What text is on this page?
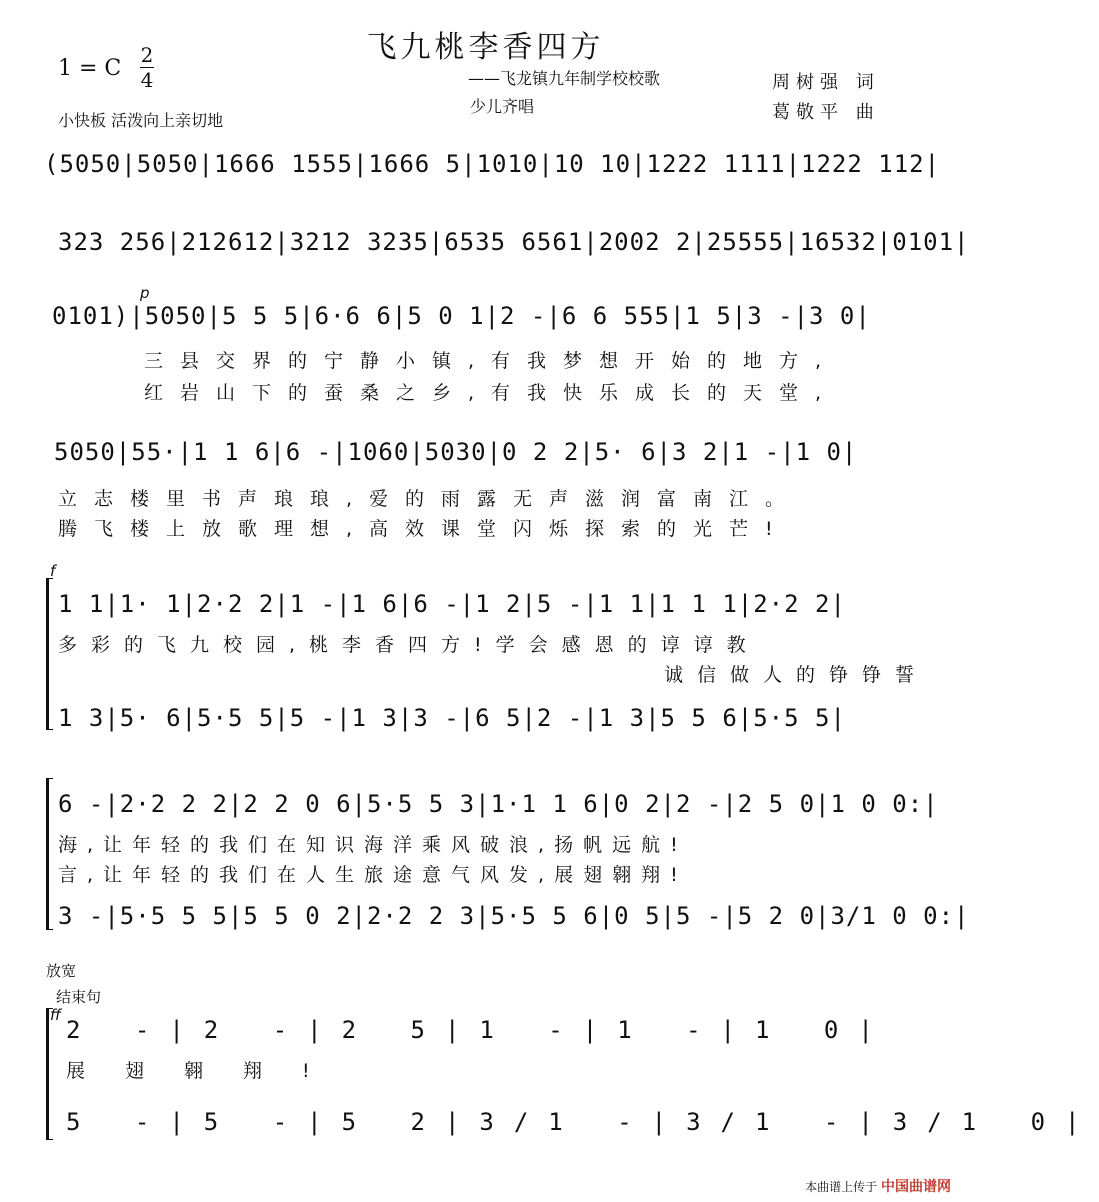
飞九桃李香四方
——飞龙镇九年制学校校歌
1 = C
2
4
小快板 活泼向上亲切地
少儿齐唱
周树强 词
葛敬平 曲
(5050|5050|1666 1555|1666 5|1010|10 10|1222 1111|1222 112|
323 256|212612|3212 3235|6535 6561|2002 2|25555|16532|0101|
0101)|5050|5 5 5|6·6 6|5 0 1|2 -|6 6 555|1 5|3 -|3 0|
三县交界的宁静小镇,有我梦想开始的地方,
红岩山下的蚕桑之乡,有我快乐成长的天堂,
5050|55·|1 1 6|6 -|1060|5030|0 2 2|5· 6|3 2|1 -|1 0|
立志楼里书声琅琅,爱的雨露无声滋润富南江。
腾飞楼上放歌理想,高效课堂闪烁探索的光芒!
1 1|1· 1|2·2 2|1 -|1 6|6 -|1 2|5 -|1 1|1 1 1|2·2 2|
多彩的飞九校园,桃李香四方!学会感恩的谆谆教
诚信做人的铮铮誓
1 3|5· 6|5·5 5|5 -|1 3|3 -|6 5|2 -|1 3|5 5 6|5·5 5|
6 -|2·2 2 2|2 2 0 6|5·5 5 3|1·1 1 6|0 2|2 -|2 5 0|1 0 0:|
海,让年轻的我们在知识海洋乘风破浪,扬帆远航!
言,让年轻的我们在人生旅途意气风发,展翅翱翔!
3 -|5·5 5 5|5 5 0 2|2·2 2 3|5·5 5 6|0 5|5 -|5 2 0|3/1 0 0:|
放宽
结束句
ff
2 -|2 -|2 5|1 -|1 -|1 0|
展翅翱翔!
5 -|5 -|5 2|3/1 -|3/1 -|3/1 0|
p
f
本曲谱上传于 中国曲谱网
